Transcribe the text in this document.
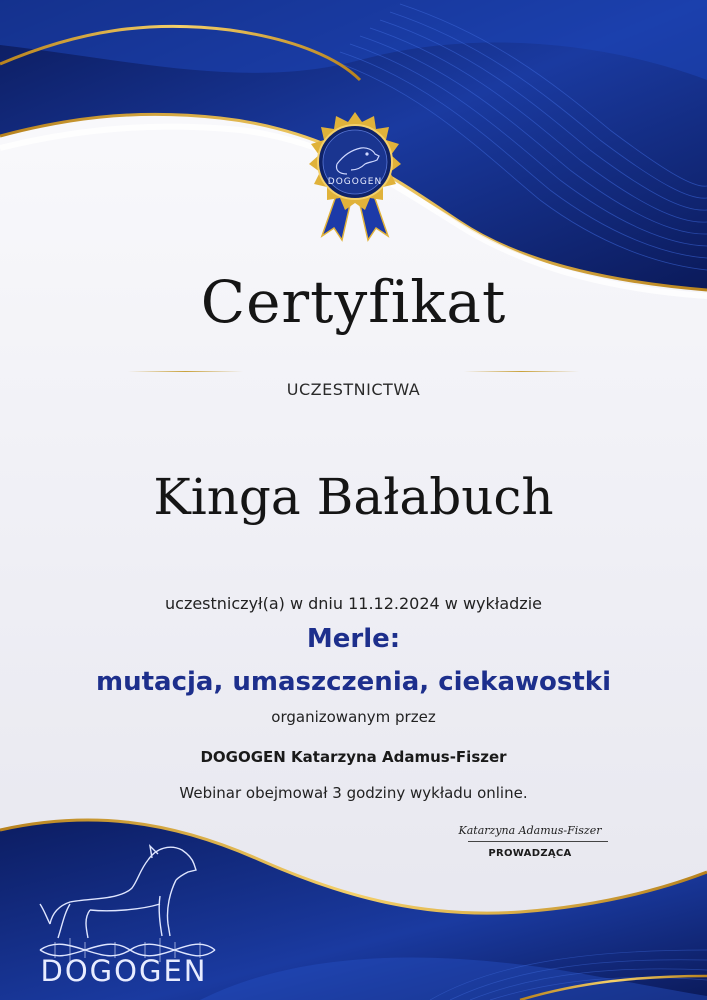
DOGOGEN
Certyfikat
UCZESTNICTWA
Kinga Bałabuch
uczestniczył(a) w dniu 11.12.2024 w wykładzie
Merle:
mutacja, umaszczenia, ciekawostki
organizowanym przez
DOGOGEN Katarzyna Adamus-Fiszer
Webinar obejmował 3 godziny wykładu online.
DOGOGEN
Katarzyna Adamus-Fiszer
PROWADZĄCA
